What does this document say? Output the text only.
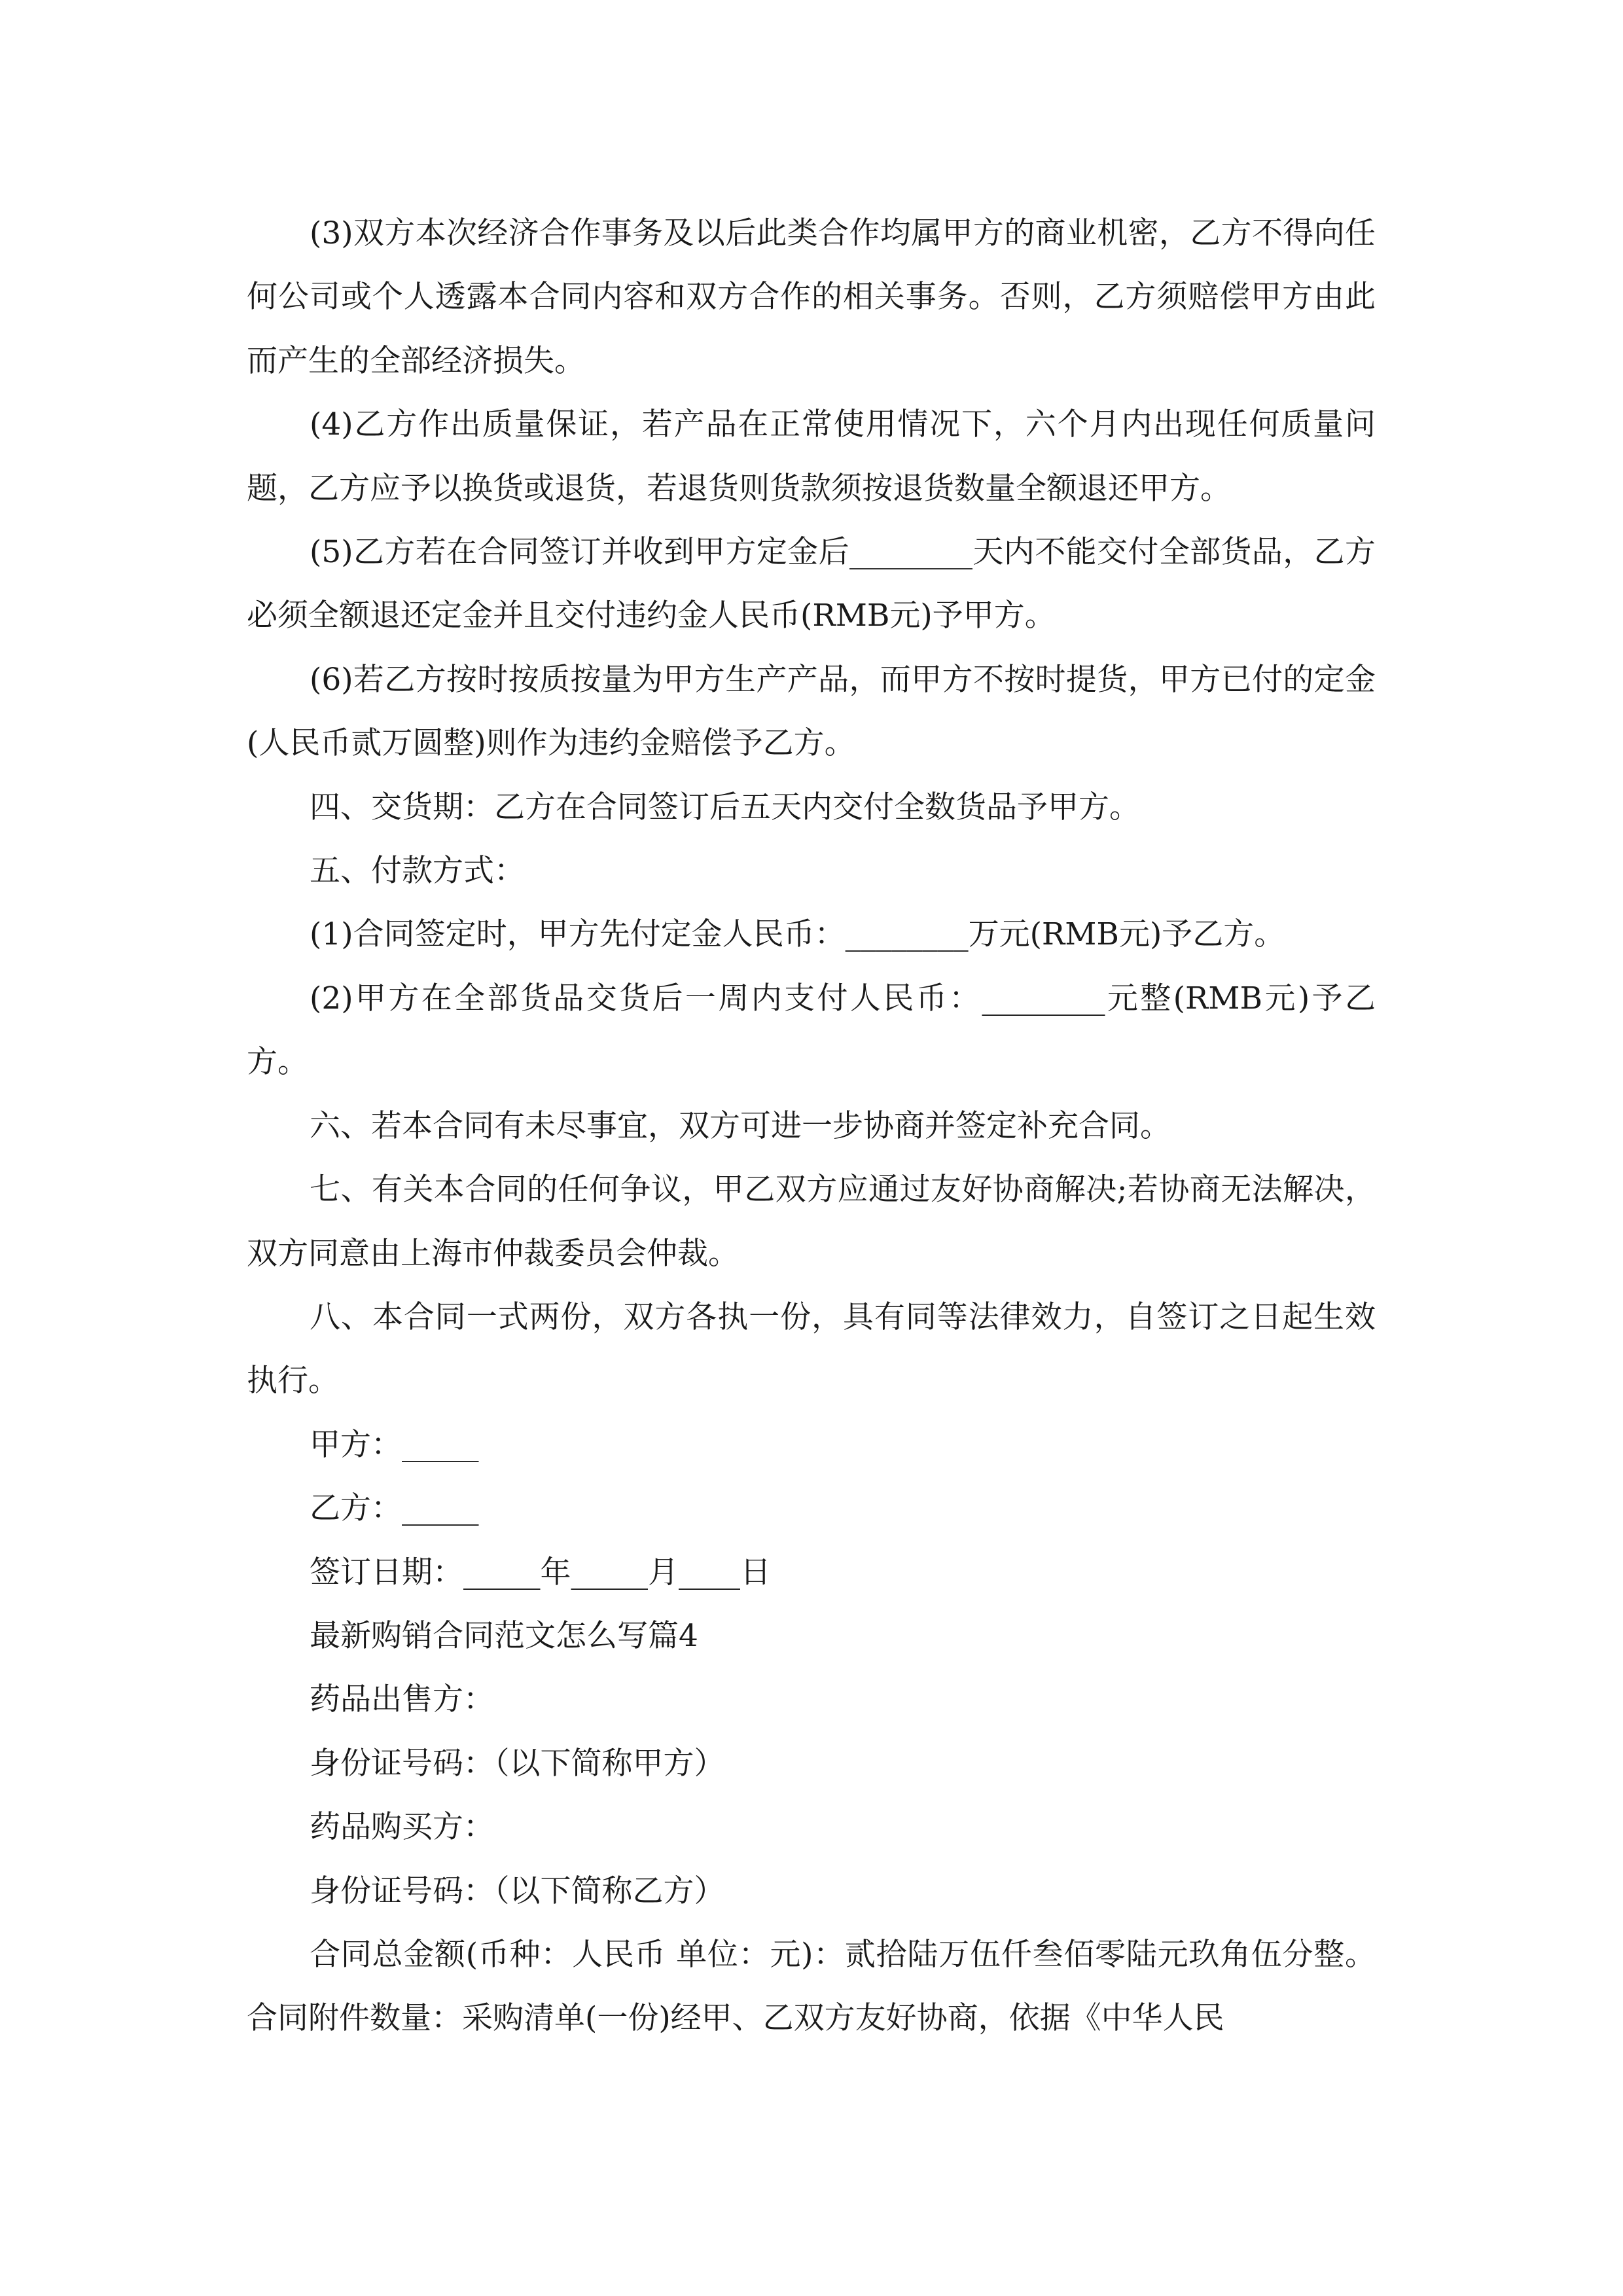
(3)双方本次经济合作事务及以后此类合作均属甲方的商业机密，乙方不得向任何公司或个人透露本合同内容和双方合作的相关事务。否则，乙方须赔偿甲方由此而产生的全部经济损失。

(4)乙方作出质量保证，若产品在正常使用情况下，六个月内出现任何质量问题，乙方应予以换货或退货，若退货则货款须按退货数量全额退还甲方。

(5)乙方若在合同签订并收到甲方定金后________天内不能交付全部货品，乙方必须全额退还定金并且交付违约金人民币(RMB元)予甲方。

(6)若乙方按时按质按量为甲方生产产品，而甲方不按时提货，甲方已付的定金(人民币贰万圆整)则作为违约金赔偿予乙方。

四、交货期：乙方在合同签订后五天内交付全数货品予甲方。

五、付款方式：

(1)合同签定时，甲方先付定金人民币：________万元(RMB元)予乙方。

(2)甲方在全部货品交货后一周内支付人民币：________元整(RMB元)予乙方。

六、若本合同有未尽事宜，双方可进一步协商并签定补充合同。

七、有关本合同的任何争议，甲乙双方应通过友好协商解决;若协商无法解决，双方同意由上海市仲裁委员会仲裁。

八、本合同一式两份，双方各执一份，具有同等法律效力，自签订之日起生效执行。

甲方：_____

乙方：_____

签订日期：_____年_____月____日

最新购销合同范文怎么写篇4

药品出售方：

身份证号码：（以下简称甲方）

药品购买方：

身份证号码：（以下简称乙方）

合同总金额(币种：人民币 单位：元)：贰拾陆万伍仟叁佰零陆元玖角伍分整。 合同附件数量：采购清单(一份)经甲、乙双方友好协商，依据《中华人民
